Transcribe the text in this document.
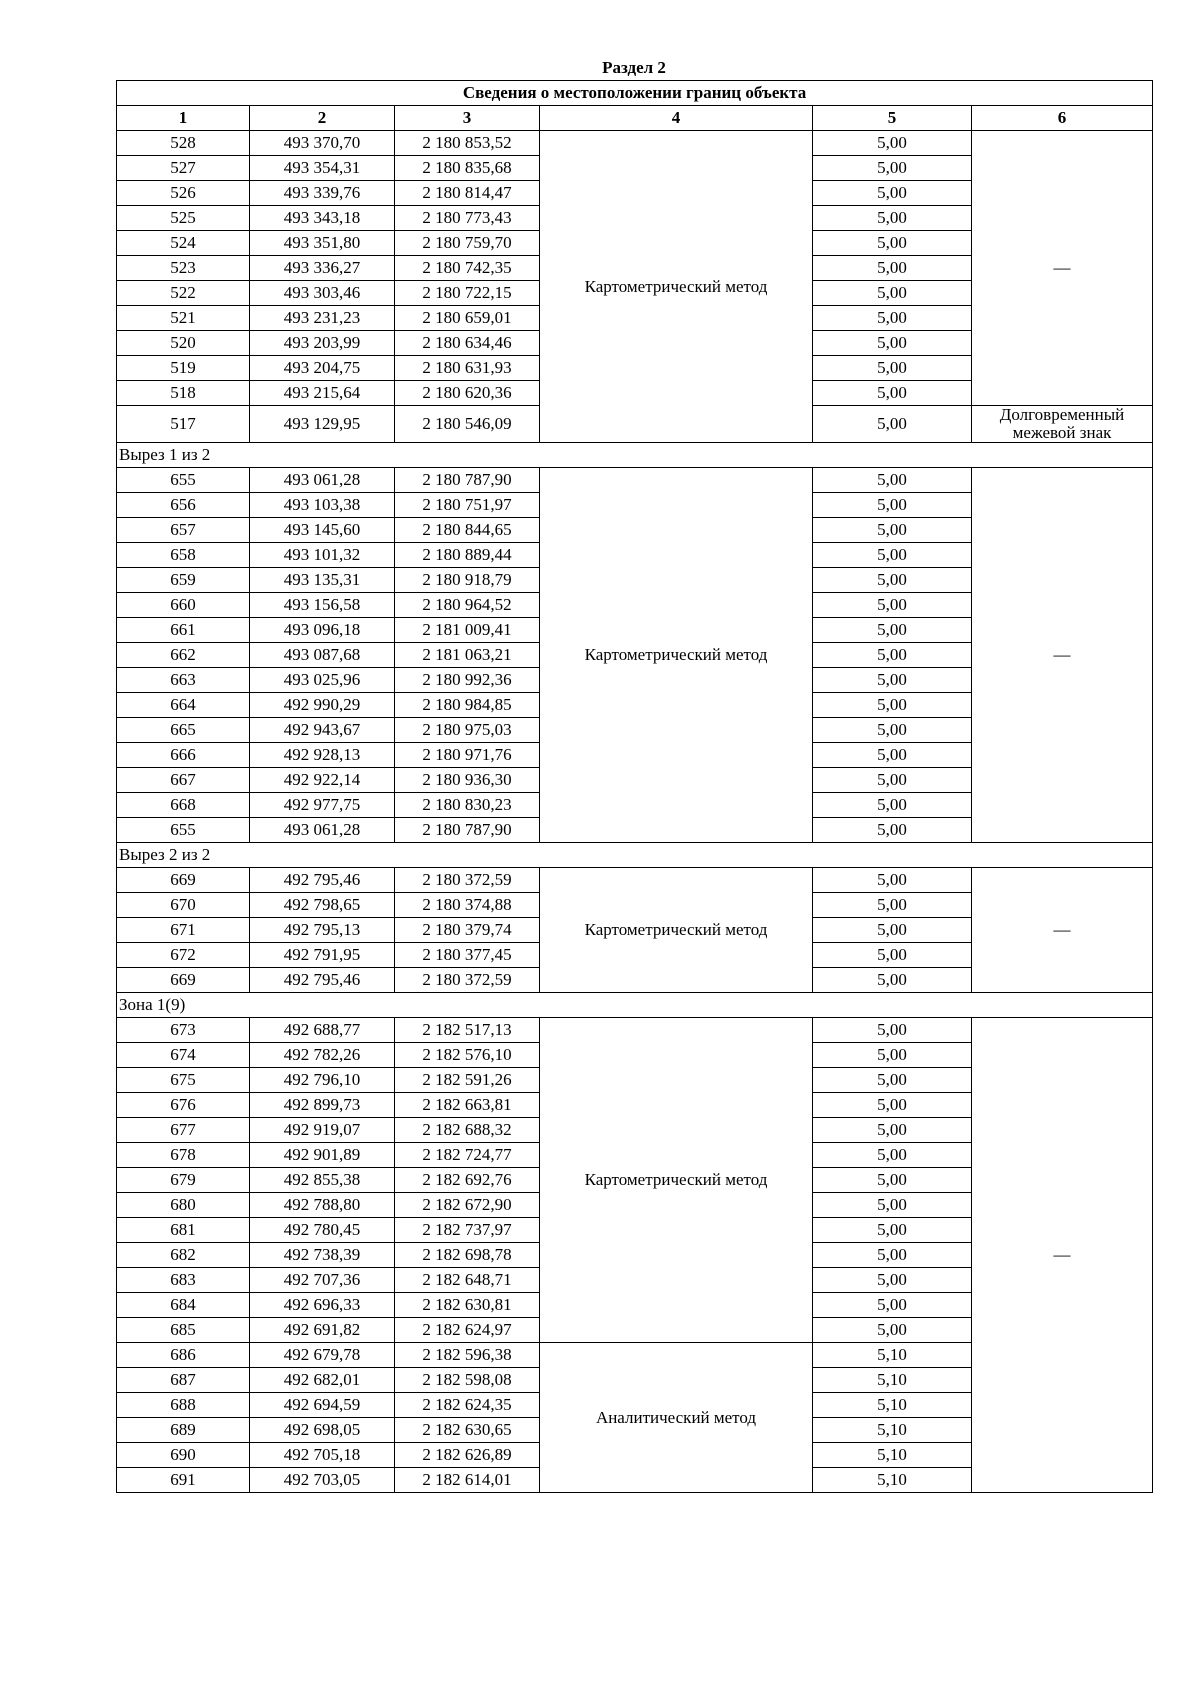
Раздел 2
Сведения о местоположении границ объекта					
1	2	3	4	5	6
528	493 370,70	2 180 853,52	Картометрический метод	5,00	—
527	493 354,31	2 180 835,68		5,00	
526	493 339,76	2 180 814,47		5,00	
525	493 343,18	2 180 773,43		5,00	
524	493 351,80	2 180 759,70		5,00	
523	493 336,27	2 180 742,35		5,00	
522	493 303,46	2 180 722,15		5,00	
521	493 231,23	2 180 659,01		5,00	
520	493 203,99	2 180 634,46		5,00	
519	493 204,75	2 180 631,93		5,00	
518	493 215,64	2 180 620,36		5,00	
517	493 129,95	2 180 546,09		5,00	Долговременный межевой знак
Вырез 1 из 2					
655	493 061,28	2 180 787,90	Картометрический метод	5,00	—
656	493 103,38	2 180 751,97		5,00	
657	493 145,60	2 180 844,65		5,00	
658	493 101,32	2 180 889,44		5,00	
659	493 135,31	2 180 918,79		5,00	
660	493 156,58	2 180 964,52		5,00	
661	493 096,18	2 181 009,41		5,00	
662	493 087,68	2 181 063,21		5,00	
663	493 025,96	2 180 992,36		5,00	
664	492 990,29	2 180 984,85		5,00	
665	492 943,67	2 180 975,03		5,00	
666	492 928,13	2 180 971,76		5,00	
667	492 922,14	2 180 936,30		5,00	
668	492 977,75	2 180 830,23		5,00	
655	493 061,28	2 180 787,90		5,00	
Вырез 2 из 2					
669	492 795,46	2 180 372,59	Картометрический метод	5,00	—
670	492 798,65	2 180 374,88		5,00	
671	492 795,13	2 180 379,74		5,00	
672	492 791,95	2 180 377,45		5,00	
669	492 795,46	2 180 372,59		5,00	
Зона 1(9)					
673	492 688,77	2 182 517,13	Картометрический метод	5,00	—
674	492 782,26	2 182 576,10		5,00	
675	492 796,10	2 182 591,26		5,00	
676	492 899,73	2 182 663,81		5,00	
677	492 919,07	2 182 688,32		5,00	
678	492 901,89	2 182 724,77		5,00	
679	492 855,38	2 182 692,76		5,00	
680	492 788,80	2 182 672,90		5,00	
681	492 780,45	2 182 737,97		5,00	
682	492 738,39	2 182 698,78		5,00	
683	492 707,36	2 182 648,71		5,00	
684	492 696,33	2 182 630,81		5,00	
685	492 691,82	2 182 624,97		5,00	
686	492 679,78	2 182 596,38	Аналитический метод	5,10	
687	492 682,01	2 182 598,08		5,10	
688	492 694,59	2 182 624,35		5,10	
689	492 698,05	2 182 630,65		5,10	
690	492 705,18	2 182 626,89		5,10	
691	492 703,05	2 182 614,01		5,10	
